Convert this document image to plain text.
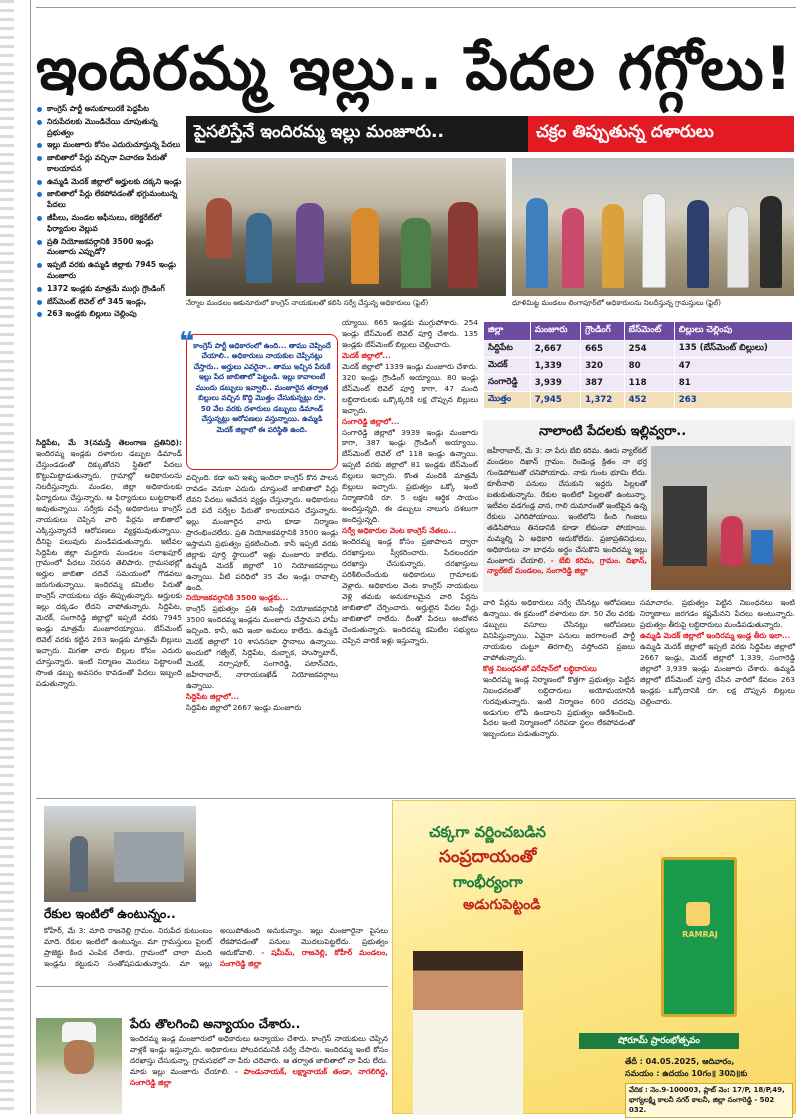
ఇందిరమ్మ ఇల్లు.. పేదల గగ్గోలు!
పైసలిస్తేనే ఇందిరమ్మ ఇల్లు మంజూరు..	చక్రం తిప్పుతున్న దళారులు
కాంగ్రెస్ పార్టీ అనుకూలురకే పెద్దపీట
నిరుపేదలకు మొండిచేయి చూపుతున్న ప్రభుత్వం
ఇల్లు మంజూరు కోసం ఎదురుచూస్తున్న పేదలు
జాబితాలో పేర్లు వచ్చినా విచారణ పేరుతో కాలయాపన
ఉమ్మడి మెదక్ జిల్లాలో అర్హులకు దక్కని ఇండ్లు
జాబితాలో పేర్లు లేకపోవడంతో భగ్గుమంటున్న పేదలు
జీపీలు, మండల ఆఫీసులు, కలెక్టరేట్‌లో ఫిర్యాదుల వెల్లువ
ప్రతి నియోజకవర్గానికి 3500 ఇండ్లు మంజూరు ఎప్పుడో?
ఇప్పటి వరకు ఉమ్మడి జిల్లాకు 7945 ఇండ్లు మంజూరు
1372 ఇండ్లకు మాత్రమే ముగ్గు గ్రౌండింగ్
బేస్‌మెంట్ లెవెల్ లో 345 ఇండ్లు,
263 ఇండ్లకు బిల్లులు చెల్లింపు
నేర్మాల మండలం ఆకునూరులో కాంగ్రెస్ నాయకులతో కలిసి సర్వే చేస్తున్న అధికారులు (ఫైల్)	ధూళిమిట్ట మండలం లింగాపూర్‌లో అధికారులను నిలదీస్తున్న గ్రామస్తులు (ఫైల్)
❝
కాంగ్రెస్ పార్టీ అధికారంలో ఉంది... తాము చెప్పిందే చేయాలి.. అధికారులు నాయకుల చెప్పినట్లు చేస్తారు.. అర్హులు ఎవరైనా.. తాము ఇచ్చిన పేరుకే ఇల్లు పేద జాబితాలో పెట్టండి. ఇల్లు కావాలంటే ముందు డబ్బులు ఇవ్వాలి.. మంజూరైన తర్వాత బిల్లులు వచ్చిన కొద్ది మొత్తం చేసుకున్నట్లు రూ. 50 వేల వరకు దళారులు డబ్బులు డిమాండ్ చేస్తున్నట్లు ఆరోపణలు వస్తున్నాయి. ఉమ్మడి మెదక్ జిల్లాలో ఈ పరిస్థితి ఉంది.
సిద్దిపేట, మే 3(నమస్తే తెలంగాణ ప్రతినిధి): ఇందిరమ్మ ఇండ్లకు దళారుల డబ్బుల డిమాండ్ చేస్తుండడంతో దిక్కుతోచని స్థితిలో పేదలు కొట్టుమిట్టాడుతున్నారు. గ్రామాల్లో అధికారులను నిలదీస్తున్నారు. మండల, జిల్లా అధికారులకు ఫిర్యాదులు చేస్తున్నారు. ఆ ఫిర్యాదులు బుట్టదాఖలే అవుతున్నాయి. సర్వేకు వచ్చే అధికారులు కాంగ్రెస్ నాయకులు చెప్పిన వారి పేర్లను జాబితాలో ఎక్కిస్తున్నారనే ఆరోపణలు వ్యక్తమవుతున్నాయి. దీనిపై పలువురు మండిపడుతున్నారు. ఇటీవల సిద్దిపేట జిల్లా మద్దూరు మండలం సలాఖపూర్ గ్రామంలో పేదలు నిరసన తెలిపారు. గ్రామసభల్లో అర్హుల జాబితా చదివే సమయంలో గొడవలు జరుగుతున్నాయి. ఇందిరమ్మ కమిటీల పేరుతో కాంగ్రెస్ నాయకులు చక్రం తిప్పుతున్నారు. అర్హులకు ఇల్లు దక్కడం లేదని వాపోతున్నారు. సిద్దిపేట, మెదక్, సంగారెడ్డి జిల్లాల్లో ఇప్పటి వరకు 7945 ఇండ్లు మాత్రమే మంజూరయ్యాయి. బేస్‌మెంట్ లెవెల్ వరకు కట్టిన 263 ఇండ్లకు మాత్రమే బిల్లులు ఇచ్చారు. మిగతా వారు బిల్లుల కోసం ఎదురు చూస్తున్నారు. ఇంటి నిర్మాణం మొదలు పెట్టాలంటే సొంత డబ్బు అవసరం కావడంతో పేదలు ఇబ్బంది పడుతున్నారు.
వచ్చింది. కడా అని ఇళ్ళు ఇందిరా కాంగ్రెస్ కొన పాలన రావడం వెనుకా ఎదురు చూస్తుంటే జాబితాలో పేర్లు లేవని పేదలు ఆవేదన వ్యక్తం చేస్తున్నారు. అధికారులు పదే పదే సర్వేల పేరుతో కాలయాపన చేస్తున్నారు. ఇల్లు మంజూరైన వారు కూడా నిర్మాణం ప్రారంభించలేదు. ప్రతి నియోజకవర్గానికి 3500 ఇండ్లు ఇస్తామని ప్రభుత్వం ప్రకటించింది. కానీ ఇప్పటి వరకు జిల్లాకు పూర్తి స్థాయిలో ఇళ్లు మంజూరు కాలేదు. ఉమ్మడి మెదక్ జిల్లాలో 10 నియోజకవర్గాలు ఉన్నాయి. వీటి పరిధిలో 35 వేల ఇండ్లు రావాల్సి ఉంది.
నియోజకవర్గానికి 3500 ఇండ్లకు...
కాంగ్రెస్ ప్రభుత్వం ప్రతి అసెంబ్లీ నియోజకవర్గానికి 3500 ఇందిరమ్మ ఇండ్లను మంజూరు చేస్తామని హామీ ఇచ్చింది. కానీ, అవి ఇంకా అమలు కాలేదు. ఉమ్మడి మెదక్ జిల్లాలో 10 శాసనసభా స్థానాలు ఉన్నాయి. అందులో గజ్వేల్, సిద్దిపేట, దుబ్బాక, హుస్నాబాద్, మెదక్, నర్సాపూర్, సంగారెడ్డి, పటాన్‌చెరు, జహీరాబాద్, నారాయణఖేడ్ నియోజకవర్గాలు ఉన్నాయి.
సిద్దిపేట జిల్లాలో...
సిద్దిపేట జిల్లాలో 2667 ఇండ్లు మంజూరు
య్యాయి. 665 ఇండ్లకు ముగ్గుపోశారు. 254 ఇండ్లు బేస్‌మెంట్ లెవెల్ పూర్తి చేశారు. 135 ఇండ్లకు బేస్‌మెంట్ బిల్లులు చెల్లించారు.
మెదక్ జిల్లాలో...
మెదక్ జిల్లాలో 1339 ఇండ్లు మంజూరు చేశారు. 320 ఇండ్లు గ్రౌండింగ్ అయ్యాయి. 80 ఇండ్లు బేస్‌మెంట్ లెవెల్ పూర్తి కాగా, 47 మంది లబ్ధిదారులకు ఒక్కొక్కరికి లక్ష చొప్పున బిల్లులు ఇచ్చారు.
సంగారెడ్డి జిల్లాలో...
సంగారెడ్డి జిల్లాలో 3939 ఇండ్లు మంజూరు కాగా, 387 ఇండ్లు గ్రౌండింగ్ అయ్యాయి. బేస్‌మెంట్ లెవెల్ లో 118 ఇండ్లు ఉన్నాయి. ఇప్పటి వరకు జిల్లాలో 81 ఇండ్లకు బేస్‌మెంట్ బిల్లులు ఇచ్చారు. కొంత మందికి మాత్రమే బిల్లులు ఇచ్చారు. ప్రభుత్వం ఒక్కో ఇంటి నిర్మాణానికి రూ. 5 లక్షల ఆర్థిక సాయం అందిస్తున్నది. ఈ డబ్బులు నాలుగు దశలుగా అందిస్తున్నది.
సర్వే అధికారుల వెంట కాంగ్రెస్ నేతలు...
ఇందిరమ్మ ఇండ్ల కోసం ప్రజాపాలన ద్వారా దరఖాస్తులు స్వీకరించారు. పేదలందరూ దరఖాస్తు చేసుకున్నారు. దరఖాస్తులు పరిశీలించేందుకు అధికారులు గ్రామాలకు వెళ్లారు. అధికారుల వెంట కాంగ్రెస్ నాయకులు వెళ్లి తమకు అనుకూలమైన వారి పేర్లను జాబితాలో చేర్పించారు. అర్హులైన పేదల పేర్లు జాబితాలో రాలేదు. దీంతో పేదలు ఆందోళన చెందుతున్నారు. ఇందిరమ్మ కమిటీల సభ్యులు చెప్పిన వారికే ఇళ్లు ఇస్తున్నారు.
జిల్లా	మంజూరు	గ్రౌండింగ్	బేస్‌మెంట్	బిల్లులు చెల్లింపు
సిద్దిపేట	2,667	665	254	135 (బేస్‌మెంట్ బిల్లులు)
మెదక్	1,339	320	80	47
సంగారెడ్డి	3,939	387	118	81
మొత్తం	7,945	1,372	452	263
నాలాంటి పేదలకు ఇల్లివ్వరా..
జహీరాబాద్, మే 3: నా పేరు బేబి కరిమ. ఊరు న్యాల్‌కల్ మండలం దిఖాన్ గ్రామం. రెండెండ్ల క్రితం నా భర్త గుండెపోటుతో చనిపోయాడు. నాకు గుంట భూమి లేదు. కూలీనాలి పనులు చేసుకుని ఇద్దరు పిల్లలతో బతుకుతున్నాను. రేకుల ఇంటిలో పిల్లలతో ఉంటున్నా. ఇటీవల వడగండ్ల వాన, గాలి దుమారంతో ఇంటిపైన ఉన్న రేకులు ఎగిరిపోయాయి. ఇంటిలోని కింది గింజలు తడిసిపోయి తినడానికి కూడా లేకుండా పోయాయి. మమ్మల్ని ఏ అధికారి ఆదుకోలేదు. ప్రజాప్రతినిధులు, అధికారులు నా బాధను అర్థం చేసుకొని ఇందిరమ్మ ఇల్లు మంజూరు చేయాలి. - బేబి కరిమ, గ్రామం. దిఖాన్, న్యాల్‌కల్ మండలం, సంగారెడ్డి జిల్లా
వారి పేర్లను అధికారులు సర్వే చేసినట్లు ఆరోపణలు ఉన్నాయి. ఈ క్రమంలో దళారులు రూ. 50 వేల వరకు డబ్బులు వసూలు చేసినట్లు ఆరోపణలు వినిపిస్తున్నాయి. ఏవైనా పనులు జరగాలంటే పార్టీ నాయకుల చుట్టూ తిరగాల్సి వస్తోందని ప్రజలు వాపోతున్నారు.
కొత్త నిబంధనతో పరేషాన్‌లో లబ్ధిదారులు
ఇందిరమ్మ ఇండ్ల నిర్మాణంలో కొత్తగా ప్రభుత్వం పెట్టిన నిబంధనలతో లబ్ధిదారులు అయోమయానికి గురవుతున్నారు. ఇంటి నిర్మాణం 600 చదరపు అడుగుల లోపే ఉండాలని ప్రభుత్వం ఆదేశించింది. పేదల ఇంటి నిర్మాణంలో సరిపడా స్థలం లేకపోవడంతో ఇబ్బందులు పడుతున్నారు.
సమాచారం. ప్రభుత్వం పెట్టిన నిబంధనలు ఇంటి నిర్మాణాలు జరగడం కష్టమేనని పేదలు అంటున్నారు. ప్రభుత్వం తీరుపై లబ్ధిదారులు మండిపడుతున్నారు.
ఉమ్మడి మెదక్ జిల్లాలో ఇందిరమ్మ ఇండ్ల తీరు ఇలా...
ఉమ్మడి మెదక్ జిల్లాలో ఇప్పటి వరకు సిద్దిపేట జిల్లాలో 2667 ఇండ్లు, మెదక్ జిల్లాలో 1,339, సంగారెడ్డి జిల్లాలో 3,939 ఇండ్లు మంజూరు చేశారు. ఉమ్మడి జిల్లాలో బేస్‌మెంట్ పూర్తి చేసిన వారిలో కేవలం 263 ఇండ్లకు ఒక్కోదానికి రూ. లక్ష చొప్పున బిల్లులు చెల్లించారు.
రేకుల ఇంటిలో ఉంటున్నం..
కోహీర్, మే 3: మాది రాజనెల్లి గ్రామం. నిరుపేద కుటుంబం మాది. రేకుల ఇంటిలో ఉంటున్నం. మా గ్రామస్తులు పైలట్ ప్రాజెక్టు కింద ఎంపిక చేశారు. గ్రామంలో చాలా మంది ఇండ్లను కట్టుకుని సంతోషపడుతున్నారు. మా ఇల్లు అయిపోతుంది అనుకున్నాం. ఇల్లు మంజూరైనా పైసలు లేకపోవడంతో పనులు మొదలుపెట్టలేదు. ప్రభుత్వం ఆదుకోవాలి. - షమీమ్, రాజనెల్లి, కోహీర్ మండలం, సంగారెడ్డి జిల్లా
పేరు తొలగించి అన్యాయం చేశారు..
ఇందిరమ్మ ఇండ్ల మంజూరులో అధికారులు అన్యాయం చేశారు. కాంగ్రెస్ నాయకులు చెప్పిన వాళ్లకే ఇండ్లు ఇస్తున్నారు. అధికారులు పోలవరమనికి సర్వే చేసారు. ఇందిరమ్మ ఇంటి కోసం దరఖాస్తు చేసుకున్నా. గ్రామసభలో నా పేరు చదివారు. ఆ తర్వాత జాబితాలో నా పేరు లేదు. మాకు ఇల్లు మంజూరు చేయాలి. - పాండునాయక్, లక్ష్మానాయక్ తండా, నాగలిగిద్ద, సంగారెడ్డి జిల్లా
చక్కగా వర్ణించబడిన
సంప్రదాయంతో
గాంభీర్యంగా
అడుగుపెట్టండి
RAMRAJ
షోరూమ్ ప్రారంభోత్సవం
తేదీ : 04.05.2025, ఆదివారం,
సమయం : ఉదయం 10గం॥ 30ని॥కు
వేదిక : నెం.9-100003, ప్లాట్ నెం: 17/P, 18/P,49, భాగ్యలక్ష్మి కాలనీ నగర్ కాలనీ, జిల్లా సంగారెడ్డి - 502 032.
